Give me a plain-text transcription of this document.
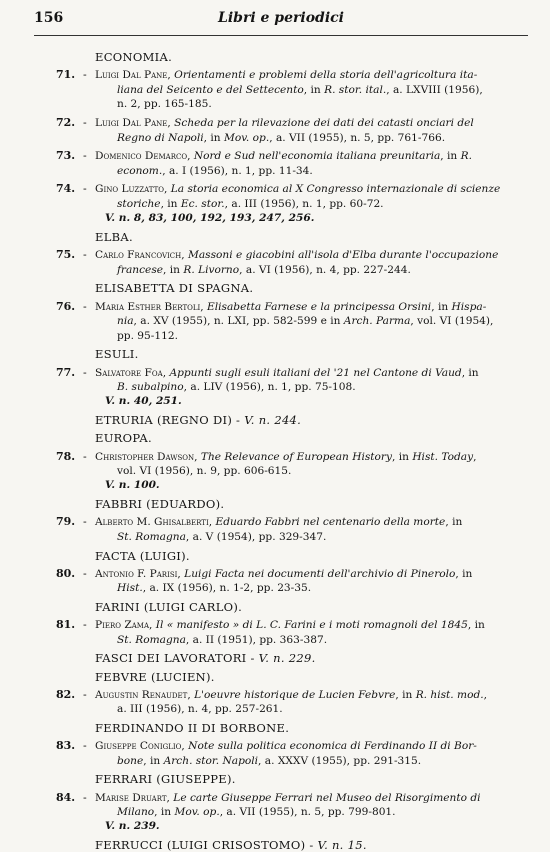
156	Libri e periodici
ECONOMIA.
71. - Luigi Dal Pane, Orientamenti e problemi della storia dell'agricoltura ita-
liana del Seicento e del Settecento, in R. stor. ital., a. LXVIII (1956),
n. 2, pp. 165-185.
72. - Luigi Dal Pane, Scheda per la rilevazione dei dati dei catasti onciari del
Regno di Napoli, in Mov. op., a. VII (1955), n. 5, pp. 761-766.
73. - Domenico Demarco, Nord e Sud nell'economia italiana preunitaria, in R.
econom., a. I (1956), n. 1, pp. 11-34.
74. - Gino Luzzatto, La storia economica al X Congresso internazionale di scienze
storiche, in Ec. stor., a. III (1956), n. 1, pp. 60-72.
V. n. 8, 83, 100, 192, 193, 247, 256.
ELBA.
75. - Carlo Francovich, Massoni e giacobini all'isola d'Elba durante l'occupazione
francese, in R. Livorno, a. VI (1956), n. 4, pp. 227-244.
ELISABETTA DI SPAGNA.
76. - Maria Esther Bertoli, Elisabetta Farnese e la principessa Orsini, in Hispa-
nia, a. XV (1955), n. LXI, pp. 582-599 e in Arch. Parma, vol. VI (1954),
pp. 95-112.
ESULI.
77. - Salvatore Foa, Appunti sugli esuli italiani del '21 nel Cantone di Vaud, in
B. subalpino, a. LIV (1956), n. 1, pp. 75-108.
V. n. 40, 251.
ETRURIA (REGNO DI) - V. n. 244.
EUROPA.
78. - Christopher Dawson, The Relevance of European History, in Hist. Today,
vol. VI (1956), n. 9, pp. 606-615.
V. n. 100.
FABBRI (EDUARDO).
79. - Alberto M. Ghisalberti, Eduardo Fabbri nel centenario della morte, in
St. Romagna, a. V (1954), pp. 329-347.
FACTA (LUIGI).
80. - Antonio F. Parisi, Luigi Facta nei documenti dell'archivio di Pinerolo, in
Hist., a. IX (1956), n. 1-2, pp. 23-35.
FARINI (LUIGI CARLO).
81. - Piero Zama, Il « manifesto » di L. C. Farini e i moti romagnoli del 1845, in
St. Romagna, a. II (1951), pp. 363-387.
FASCI DEI LAVORATORI - V. n. 229.
FEBVRE (LUCIEN).
82. - Augustin Renaudet, L'oeuvre historique de Lucien Febvre, in R. hist. mod.,
a. III (1956), n. 4, pp. 257-261.
FERDINANDO II DI BORBONE.
83. - Giuseppe Coniglio, Note sulla politica economica di Ferdinando II di Bor-
bone, in Arch. stor. Napoli, a. XXXV (1955), pp. 291-315.
FERRARI (GIUSEPPE).
84. - Marise Druart, Le carte Giuseppe Ferrari nel Museo del Risorgimento di
Milano, in Mov. op., a. VII (1955), n. 5, pp. 799-801.
V. n. 239.
FERRUCCI (LUIGI CRISOSTOMO) - V. n. 15.
